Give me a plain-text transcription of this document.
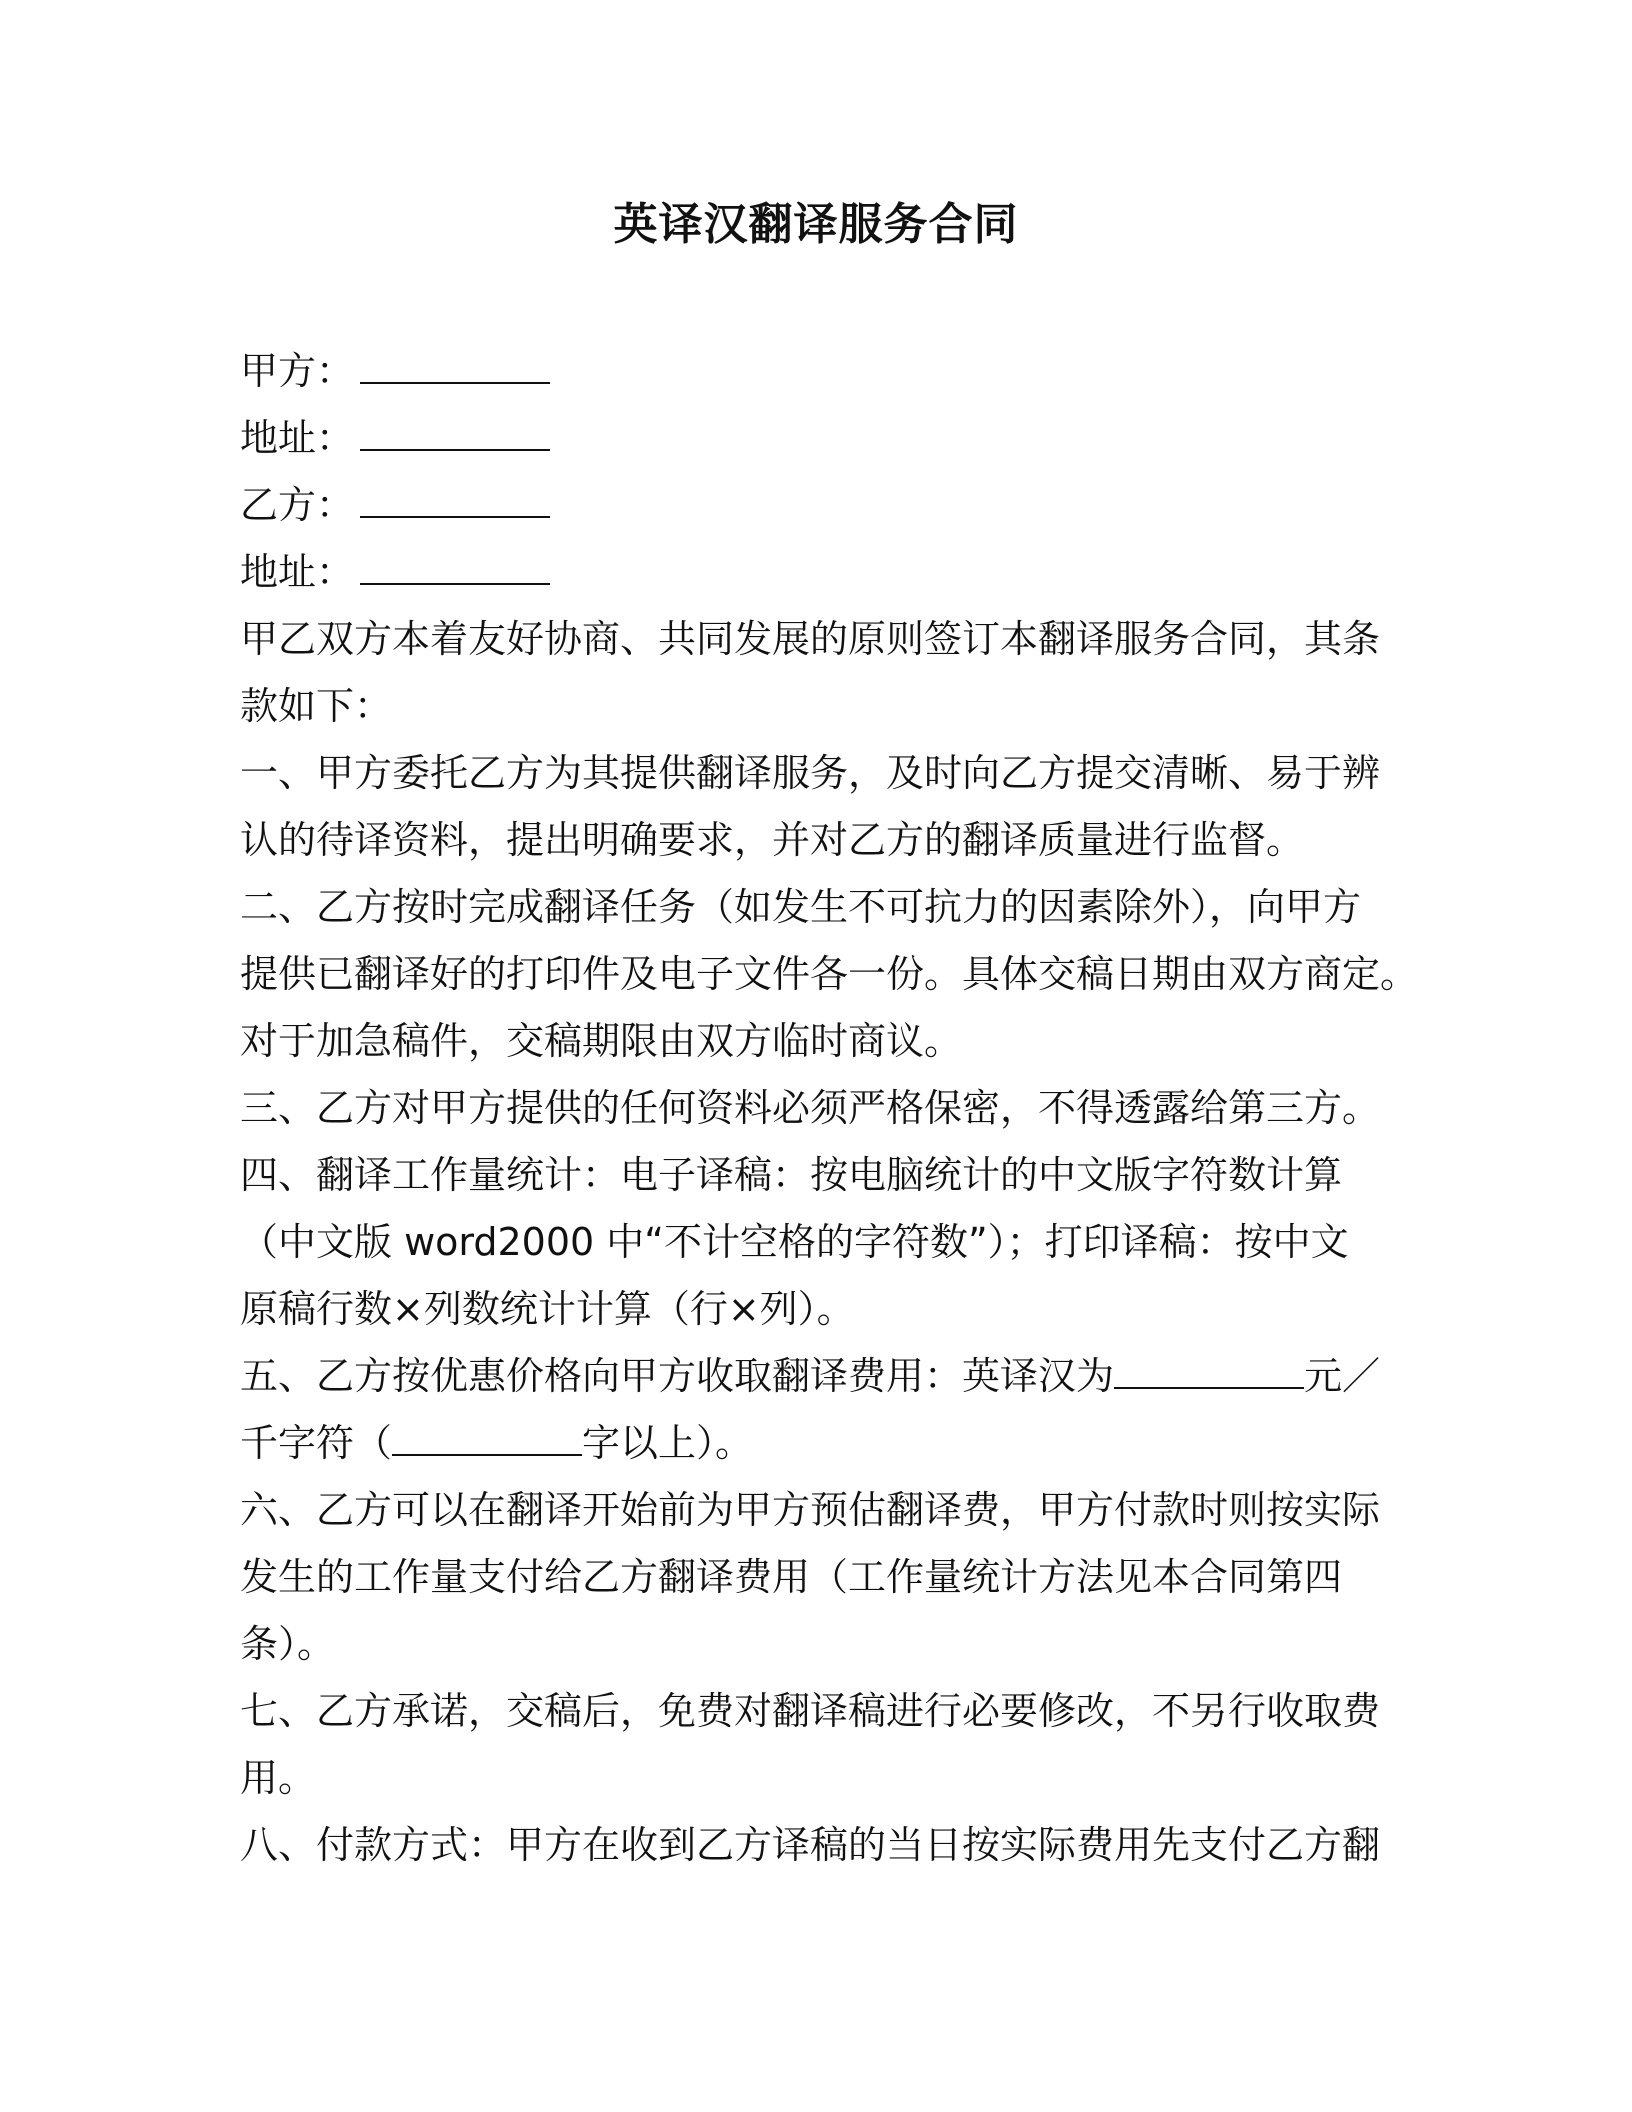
英译汉翻译服务合同
甲方：
地址：
乙方：
地址：
甲乙双方本着友好协商、共同发展的原则签订本翻译服务合同，其条
款如下：
一、甲方委托乙方为其提供翻译服务，及时向乙方提交清晰、易于辨
认的待译资料，提出明确要求，并对乙方的翻译质量进行监督。
二、乙方按时完成翻译任务（如发生不可抗力的因素除外），向甲方
提供已翻译好的打印件及电子文件各一份。具体交稿日期由双方商定。
对于加急稿件，交稿期限由双方临时商议。
三、乙方对甲方提供的任何资料必须严格保密，不得透露给第三方。
四、翻译工作量统计：电子译稿：按电脑统计的中文版字符数计算
（中文版 word2000 中“不计空格的字符数”）；打印译稿：按中文
原稿行数×列数统计计算（行×列）。
五、乙方按优惠价格向甲方收取翻译费用：英译汉为	元／
千字符（	字以上）。
六、乙方可以在翻译开始前为甲方预估翻译费，甲方付款时则按实际
发生的工作量支付给乙方翻译费用（工作量统计方法见本合同第四
条）。
七、乙方承诺，交稿后，免费对翻译稿进行必要修改，不另行收取费
用。
八、付款方式：甲方在收到乙方译稿的当日按实际费用先支付乙方翻
